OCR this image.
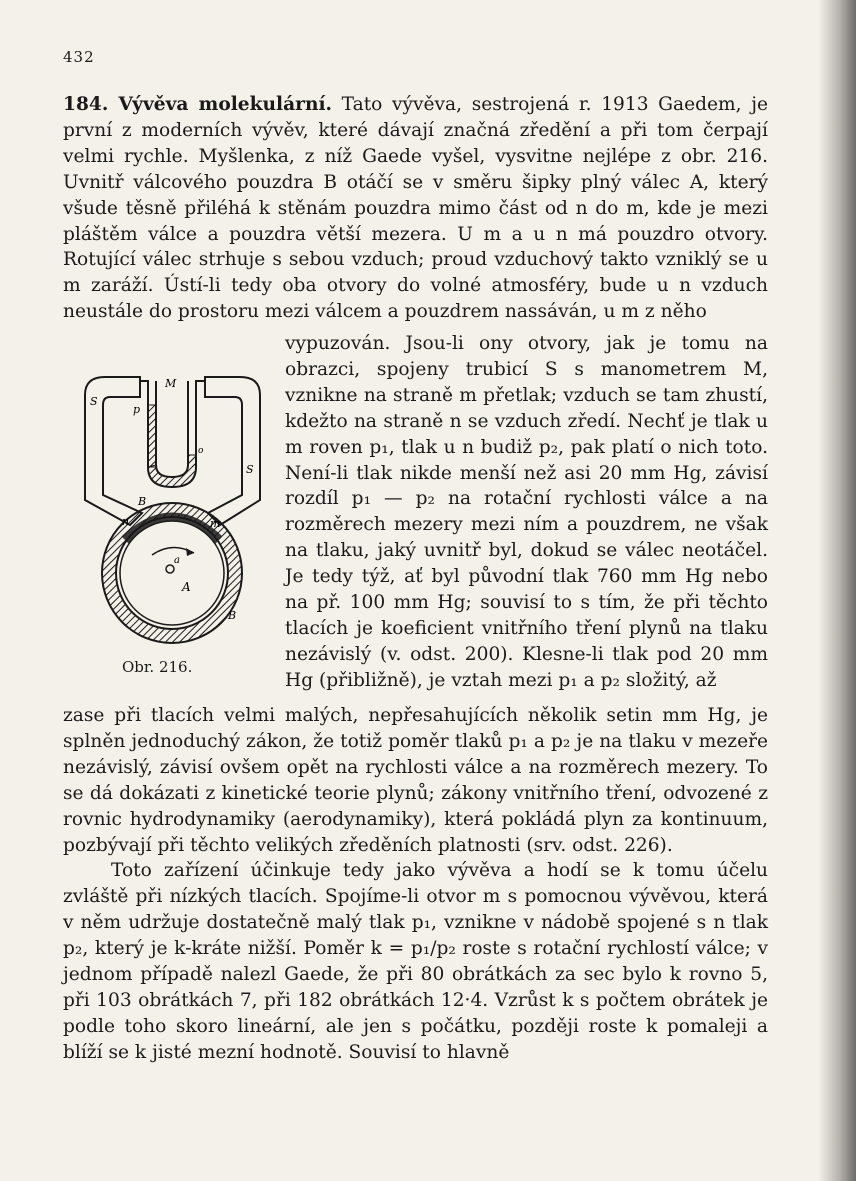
432

184. Vývěva molekulární. Tato vývěva, sestrojená r. 1913 Gaedem, je první z moderních vývěv, které dávají značná zředění a při tom čerpají velmi rychle. Myšlenka, z níž Gaede vyšel, vysvitne nejlépe z obr. 216. Uvnitř válcového pouzdra B otáčí se v směru šipky plný válec A, který všude těsně přiléhá k stěnám pouzdra mimo část od n do m, kde je mezi pláštěm válce a pouzdra větší mezera. U m a u n má pouzdro otvory. Rotující válec strhuje s sebou vzduch; proud vzduchový takto vzniklý se u m zaráží. Ústí-li tedy oba otvory do volné atmosféry, bude u n vzduch neustále do prostoru mezi válcem a pouzdrem nassáván, u m z něho

M
S
p
o
S
B
n	m
a
A
B
Obr. 216.

vypuzován. Jsou-li ony otvory, jak je tomu na obrazci, spojeny trubicí S s manometrem M, vznikne na straně m přetlak; vzduch se tam zhustí, kdežto na straně n se vzduch zředí. Nechť je tlak u m roven p₁, tlak u n budiž p₂, pak platí o nich toto. Není-li tlak nikde menší než asi 20 mm Hg, závisí rozdíl p₁ — p₂ na rotační rychlosti válce a na rozměrech mezery mezi ním a pouzdrem, ne však na tlaku, jaký uvnitř byl, dokud se válec neotáčel. Je tedy týž, ať byl původní tlak 760 mm Hg nebo na př. 100 mm Hg; souvisí to s tím, že při těchto tlacích je koeficient vnitřního tření plynů na tlaku nezávislý (v. odst. 200). Klesne-li tlak pod 20 mm Hg (přibližně), je vztah mezi p₁ a p₂ složitý, až

zase při tlacích velmi malých, nepřesahujících několik setin mm Hg, je splněn jednoduchý zákon, že totiž poměr tlaků p₁ a p₂ je na tlaku v mezeře nezávislý, závisí ovšem opět na rychlosti válce a na rozměrech mezery. To se dá dokázati z kinetické teorie plynů; zákony vnitřního tření, odvozené z rovnic hydrodynamiky (aerodynamiky), která pokládá plyn za kontinuum, pozbývají při těchto velikých zředěních platnosti (srv. odst. 226).

Toto zařízení účinkuje tedy jako vývěva a hodí se k tomu účelu zvláště při nízkých tlacích. Spojíme-li otvor m s pomocnou vývěvou, která v něm udržuje dostatečně malý tlak p₁, vznikne v nádobě spojené s n tlak p₂, který je k-kráte nižší. Poměr k = p₁/p₂ roste s rotační rychlostí válce; v jednom případě nalezl Gaede, že při 80 obrátkách za sec bylo k rovno 5, při 103 obrátkách 7, při 182 obrátkách 12·4. Vzrůst k s počtem obrátek je podle toho skoro lineární, ale jen s počátku, později roste k pomaleji a blíží se k jisté mezní hodnotě. Souvisí to hlavně
